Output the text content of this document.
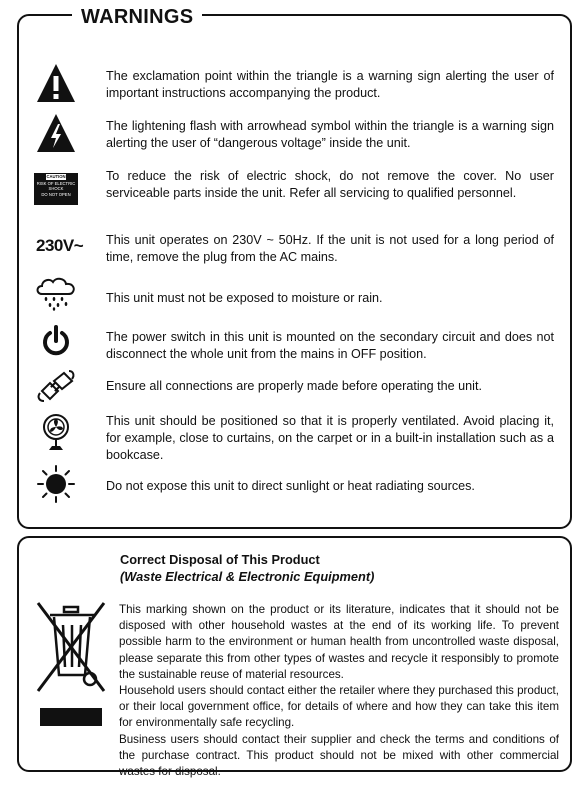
WARNINGS
The exclamation point within the triangle is a warning sign alerting the user of important instructions accompanying the product.
The lightening flash with arrowhead symbol within the triangle is a warning sign alerting the user of “dangerous voltage” inside the unit.
CAUTION
RISK OF ELECTRIC
SHOCK
DO NOT OPEN
To reduce the risk of electric shock, do not remove the cover. No user serviceable parts inside the unit. Refer all servicing to qualified personnel.
230V~ This unit operates on 230V ~ 50Hz. If the unit is not used for a long period of time, remove the plug from the AC mains.
This unit must not be exposed to moisture or rain.
The power switch in this unit is mounted on the secondary circuit and does not disconnect the whole unit from the mains in OFF position.
Ensure all connections are properly made before operating the unit.
This unit should be positioned so that it is properly ventilated. Avoid placing it, for example, close to curtains, on the carpet or in a built-in installation such as a bookcase.
Do not expose this unit to direct sunlight or heat radiating sources.
Correct Disposal of This Product
(Waste Electrical & Electronic Equipment)

This marking shown on the product or its literature, indicates that it should not be disposed with other household wastes at the end of its working life. To prevent possible harm to the environment or human health from uncontrolled waste disposal, please separate this from other types of wastes and recycle it responsibly to promote the sustainable reuse of material resources.

Household users should contact either the retailer where they purchased this product, or their local government office, for details of where and how they can take this item for environmentally safe recycling.

Business users should contact their supplier and check the terms and conditions of the purchase contract. This product should not be mixed with other commercial wastes for disposal.
